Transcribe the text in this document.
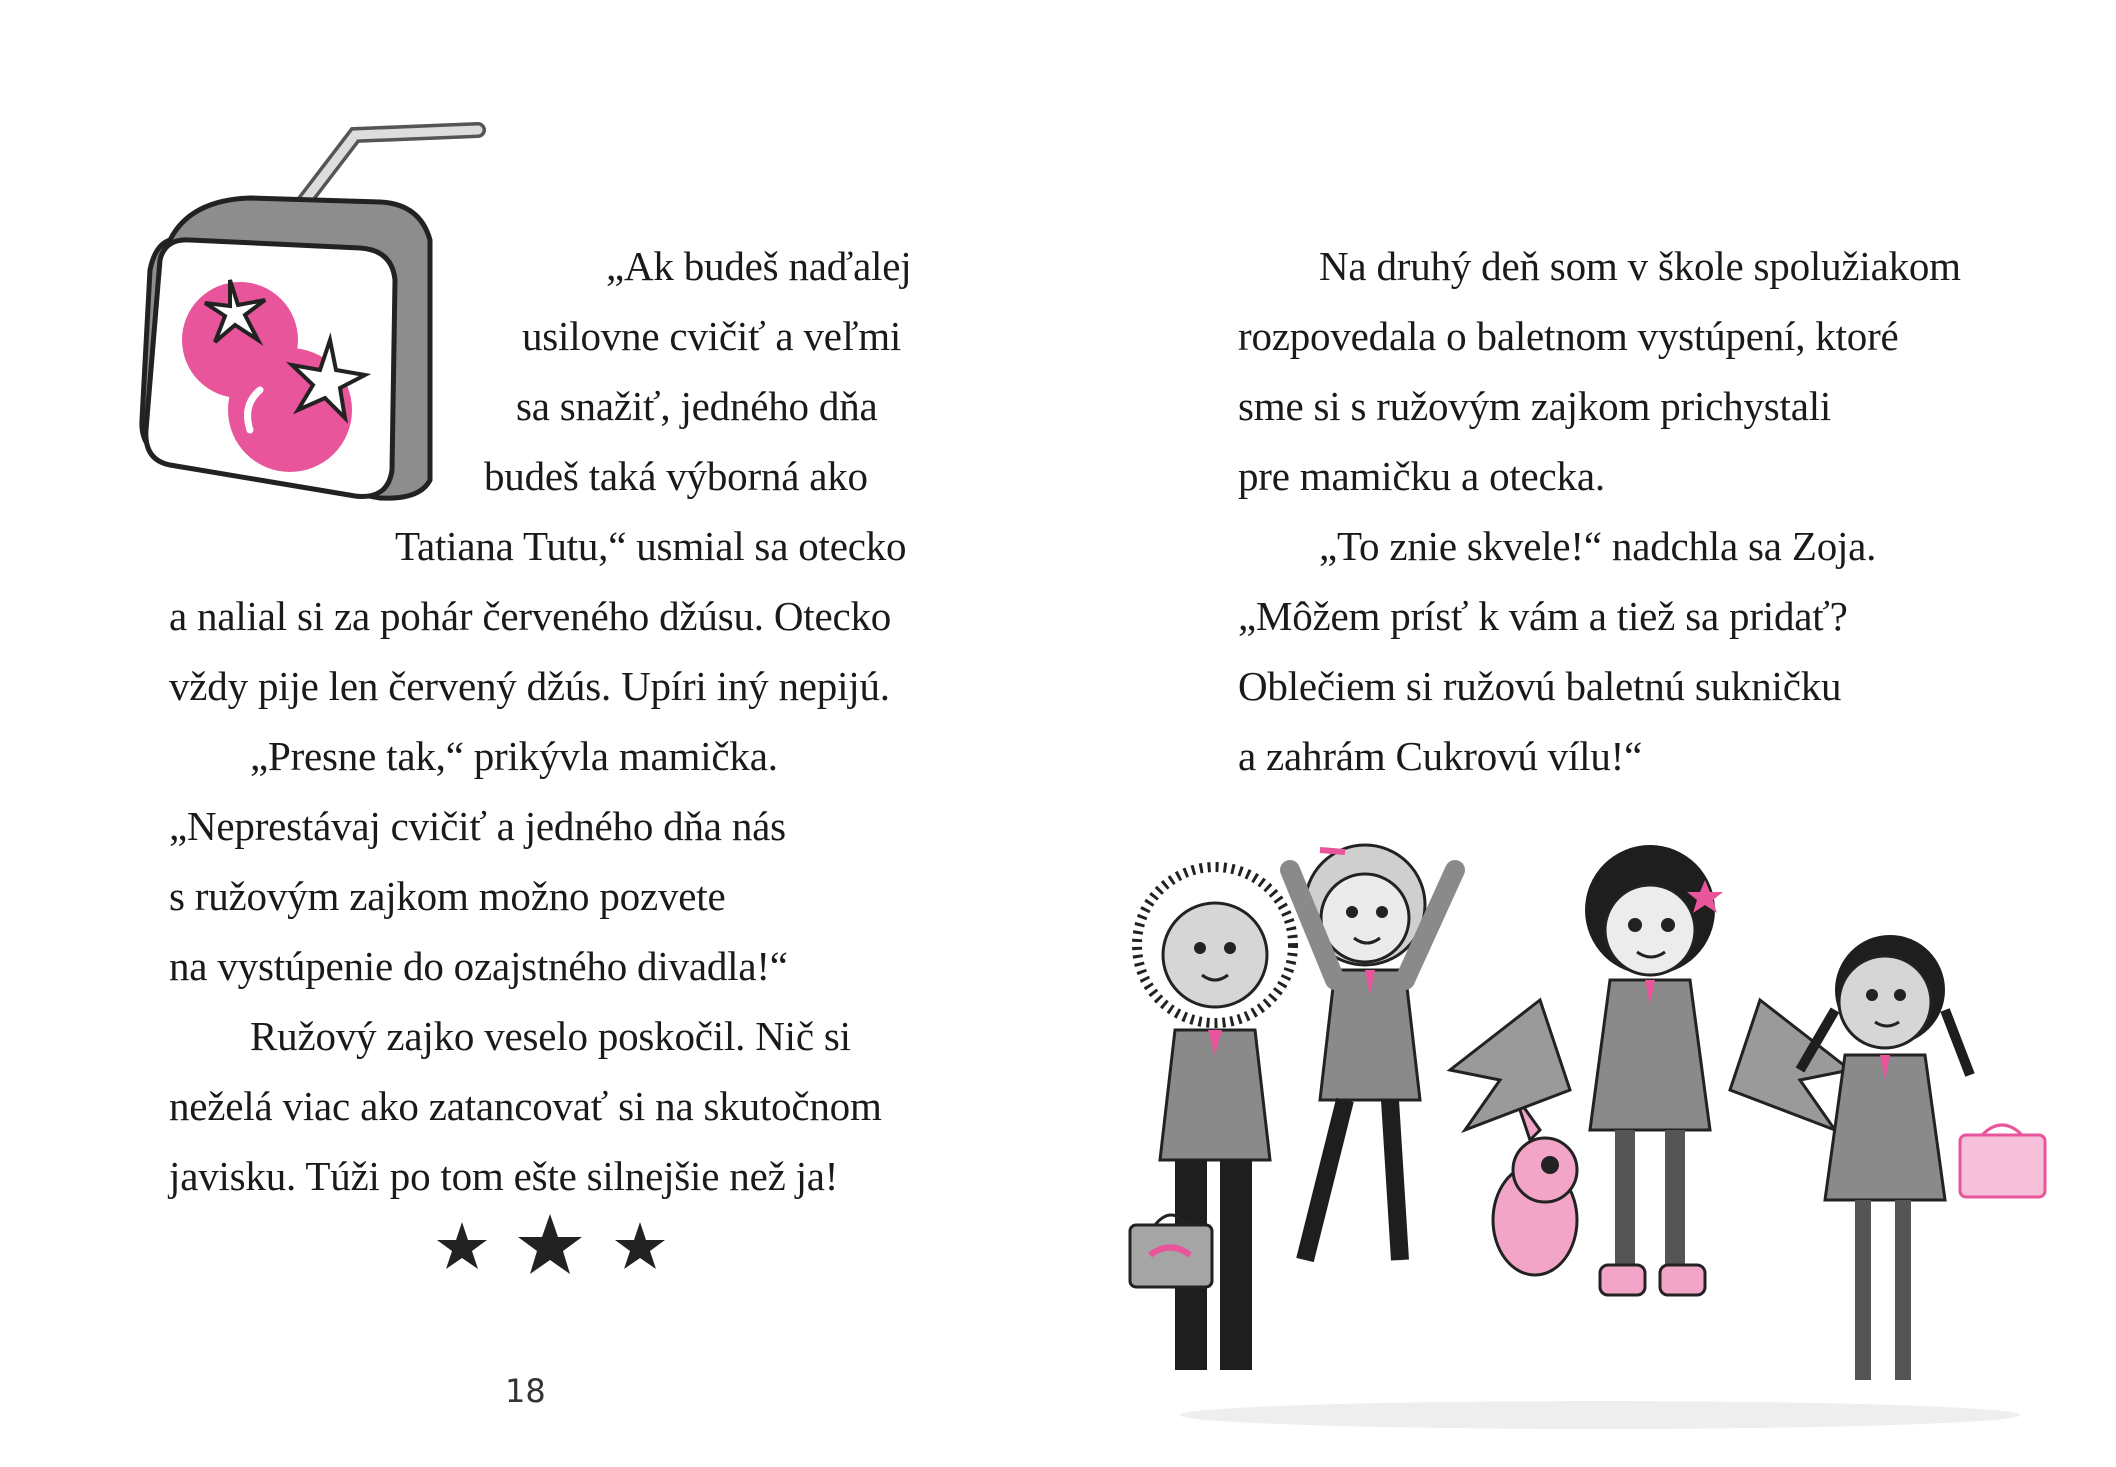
„Ak budeš naďalej
usilovne cvičiť a veľmi
sa snažiť, jedného dňa
budeš taká výborná ako
Tatiana Tutu,“ usmial sa otecko
a nalial si za pohár červeného džúsu. Otecko
vždy pije len červený džús. Upíri iný nepijú.
„Presne tak,“ prikývla mamička.
„Neprestávaj cvičiť a jedného dňa nás
s ružovým zajkom možno pozvete
na vystúpenie do ozajstného divadla!“
Ružový zajko veselo poskočil. Nič si
neželá viac ako zatancovať si na skutočnom
javisku. Túži po tom ešte silnejšie než ja!
18
Na druhý deň som v škole spolužiakom
rozpovedala o baletnom vystúpení, ktoré
sme si s ružovým zajkom prichystali
pre mamičku a otecka.
„To znie skvele!“ nadchla sa Zoja.
„Môžem prísť k vám a tiež sa pridať?
Oblečiem si ružovú baletnú sukničku
a zahrám Cukrovú vílu!“
